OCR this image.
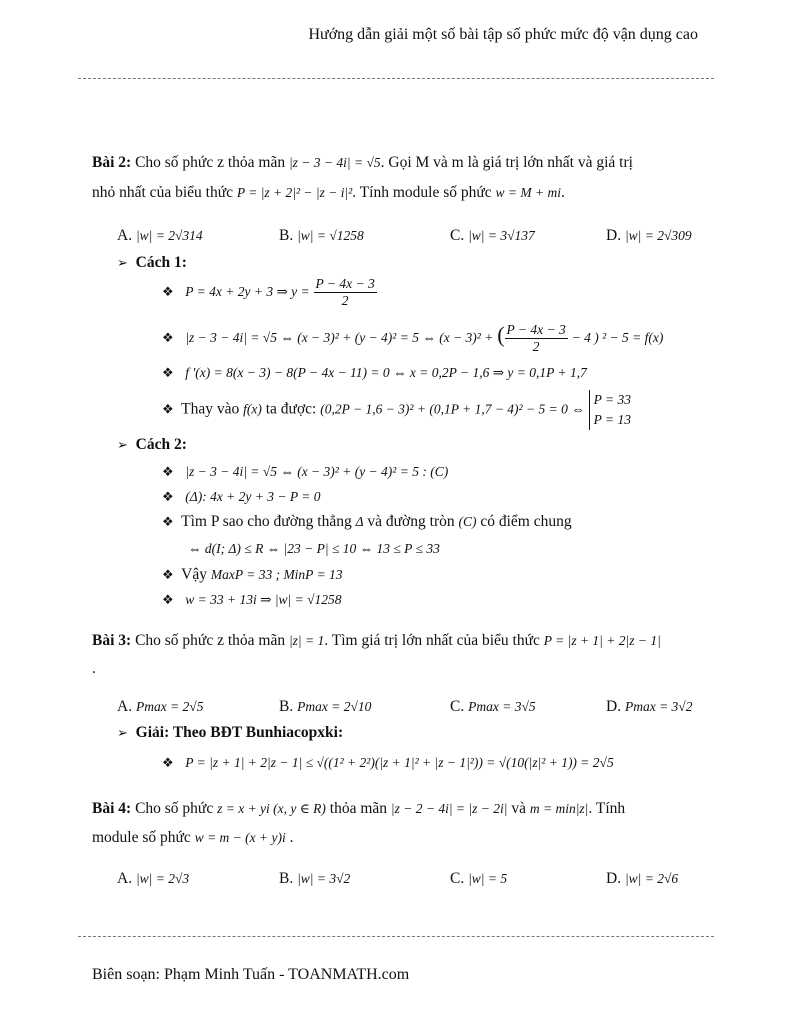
Hướng dẫn giải một số bài tập số phức mức độ vận dụng cao
Bài 2: Cho số phức z thỏa mãn |z − 3 − 4i| = √5. Gọi M và m là giá trị lớn nhất và giá trị
nhỏ nhất của biểu thức P = |z + 2|² − |z − i|². Tính module số phức w = M + mi.
A. |w| = 2√314	B. |w| = √1258	C. |w| = 3√137	D. |w| = 2√309
➢ Cách 1:
❖ P = 4x + 2y + 3 ⇒ $y = \frac{P - 4x - 3}{2}$
❖ |z − 3 − 4i| = √5 ⇔ (x − 3)² + (y − 4)² = 5 ⇔ (x − 3)² + ( $\frac{P - 4x - 3}{2} - 4$ ) ² − 5 = f(x)
❖ f '(x) = 8(x − 3) − 8(P − 4x − 11) = 0 ⇔ x = 0,2P − 1,6 ⇒ y = 0,1P + 1,7
❖ Thay vào f(x) ta được: (0,2P − 1,6 − 3)² + (0,1P + 1,7 − 4)² − 5 = 0 ⇔
P = 33
P = 13
➢ Cách 2:
❖ |z − 3 − 4i| = √5 ⇔ (x − 3)² + (y − 4)² = 5 : (C)
❖ (Δ): 4x + 2y + 3 − P = 0
❖ Tìm P sao cho đường thẳng Δ và đường tròn (C) có điểm chung
⇔ d(I; Δ) ≤ R ⇔ |23 − P| ≤ 10 ⇔ 13 ≤ P ≤ 33
❖ Vậy MaxP = 33 ; MinP = 13
❖ w = 33 + 13i ⇒ |w| = √1258
Bài 3: Cho số phức z thỏa mãn |z| = 1. Tìm giá trị lớn nhất của biểu thức P = |z + 1| + 2|z − 1|
.
A. Pmax = 2√5	B. Pmax = 2√10	C. Pmax = 3√5	D. Pmax = 3√2
➢ Giải: Theo BĐT Bunhiacopxki:
❖ P = |z + 1| + 2|z − 1| ≤ √((1² + 2²)(|z + 1|² + |z − 1|²)) = √(10(|z|² + 1)) = 2√5
Bài 4: Cho số phức z = x + yi (x, y ∈ R) thỏa mãn |z − 2 − 4i| = |z − 2i| và m = min|z|. Tính
module số phức w = m − (x + y)i .
A. |w| = 2√3	B. |w| = 3√2	C. |w| = 5	D. |w| = 2√6
Biên soạn: Phạm Minh Tuấn - TOANMATH.com
